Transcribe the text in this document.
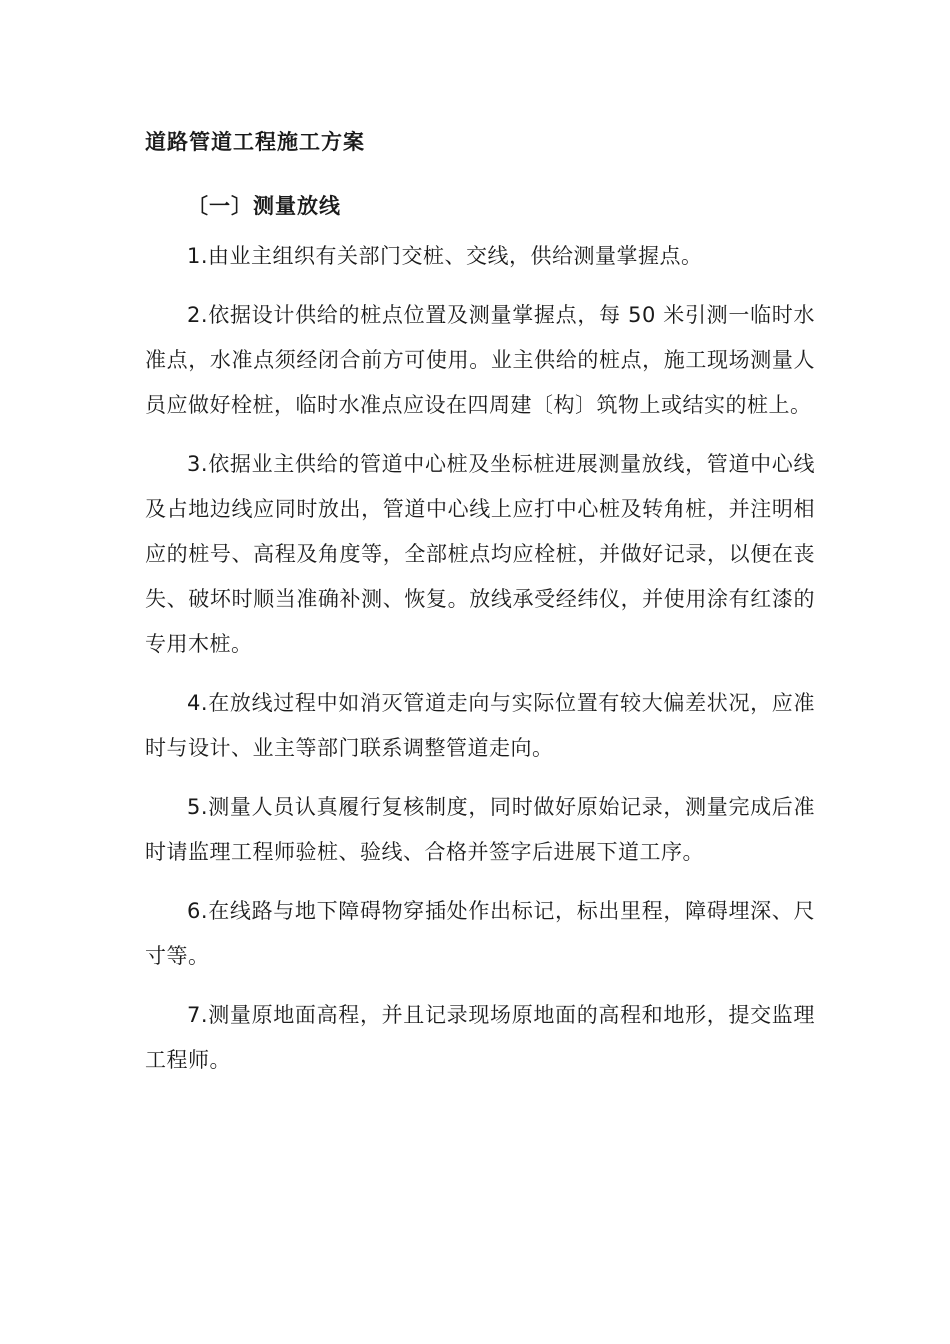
道路管道工程施工方案
〔一〕测量放线

1.由业主组织有关部门交桩、交线，供给测量掌握点。

2.依据设计供给的桩点位置及测量掌握点，每 50 米引测一临时水准点，水准点须经闭合前方可使用。业主供给的桩点，施工现场测量人员应做好栓桩，临时水准点应设在四周建〔构〕筑物上或结实的桩上。

3.依据业主供给的管道中心桩及坐标桩进展测量放线，管道中心线及占地边线应同时放出，管道中心线上应打中心桩及转角桩，并注明相应的桩号、高程及角度等，全部桩点均应栓桩，并做好记录，以便在丧失、破坏时顺当准确补测、恢复。放线承受经纬仪，并使用涂有红漆的专用木桩。

4.在放线过程中如消灭管道走向与实际位置有较大偏差状况，应准时与设计、业主等部门联系调整管道走向。

5.测量人员认真履行复核制度，同时做好原始记录，测量完成后准时请监理工程师验桩、验线、合格并签字后进展下道工序。

6.在线路与地下障碍物穿插处作出标记，标出里程，障碍埋深、尺寸等。

7.测量原地面高程，并且记录现场原地面的高程和地形，提交监理工程师。
